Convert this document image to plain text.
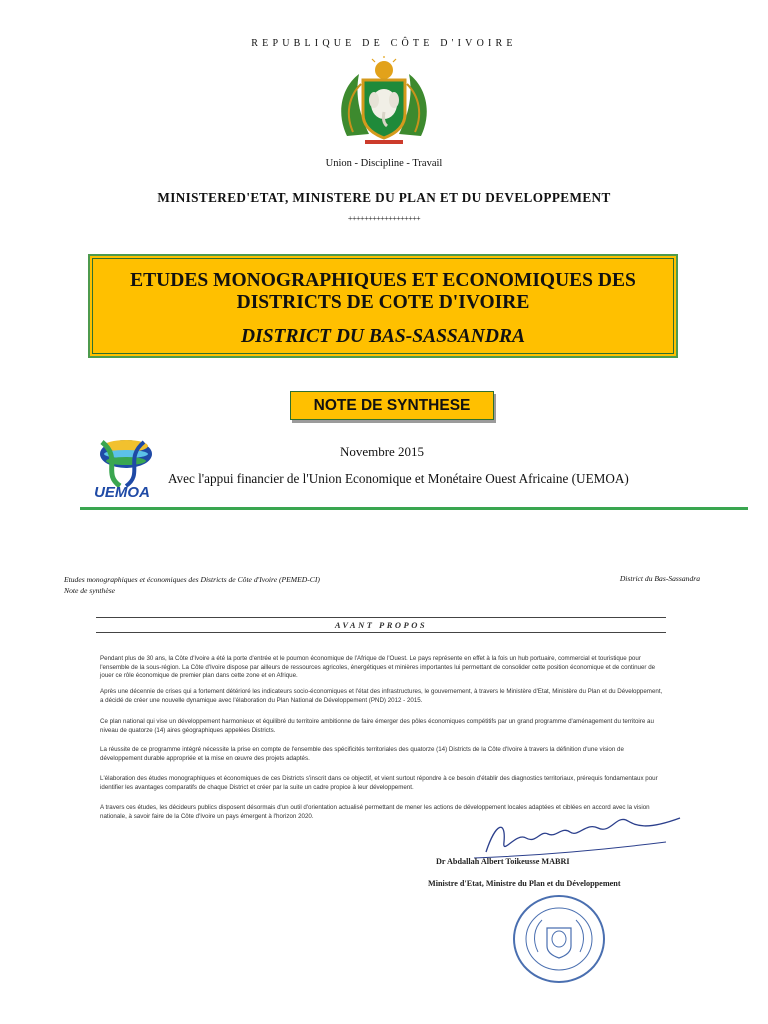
REPUBLIQUE DE CÔTE D'IVOIRE
Union - Discipline - Travail
MINISTERED'ETAT, MINISTERE DU PLAN ET DU DEVELOPPEMENT
++++++++++++++++++
ETUDES MONOGRAPHIQUES ET ECONOMIQUES DES DISTRICTS DE COTE D'IVOIRE
DISTRICT DU BAS-SASSANDRA
NOTE DE SYNTHESE
UEMOA
Novembre 2015
Avec l'appui financier de l'Union Economique et Monétaire Ouest Africaine (UEMOA)
Etudes monographiques et économiques des Districts de Côte d'Ivoire (PEMED-CI)
Note de synthèse
District du Bas-Sassandra
AVANT PROPOS
Pendant plus de 30 ans, la Côte d'Ivoire a été la porte d'entrée et le poumon économique de l'Afrique de l'Ouest. Le pays représente en effet à la fois un hub portuaire, commercial et touristique pour l'ensemble de la sous-région. La Côte d'Ivoire dispose par ailleurs de ressources agricoles, énergétiques et minières importantes lui permettant de consolider cette position économique et de continuer de jouer ce rôle économique de premier plan dans cette zone et en Afrique.
Après une décennie de crises qui a fortement détérioré les indicateurs socio-économiques et l'état des infrastructures, le gouvernement, à travers le Ministère d'Etat, Ministère du Plan et du Développement, a décidé de créer une nouvelle dynamique avec l'élaboration du Plan National de Développement (PND) 2012 - 2015.
Ce plan national qui vise un développement harmonieux et équilibré du territoire ambitionne de faire émerger des pôles économiques compétitifs par un grand programme d'aménagement du territoire au niveau de quatorze (14) aires géographiques appelées Districts.
La réussite de ce programme intégré nécessite la prise en compte de l'ensemble des spécificités territoriales des quatorze (14) Districts de la Côte d'Ivoire à travers la définition d'une vision de développement durable appropriée et la mise en œuvre des projets adaptés.
L'élaboration des études monographiques et économiques de ces Districts s'inscrit dans ce objectif, et vient surtout répondre à ce besoin d'établir des diagnostics territoriaux, prérequis fondamentaux pour identifier les avantages comparatifs de chaque District et créer par la suite un cadre propice à leur développement.
A travers ces études, les décideurs publics disposent désormais d'un outil d'orientation actualisé permettant de mener les actions de développement locales adaptées et ciblées en accord avec la vision nationale, à savoir faire de la Côte d'Ivoire un pays émergent à l'horizon 2020.
Dr Abdallah Albert Toikeusse MABRI
Ministre d'Etat, Ministre du Plan et du Développement
